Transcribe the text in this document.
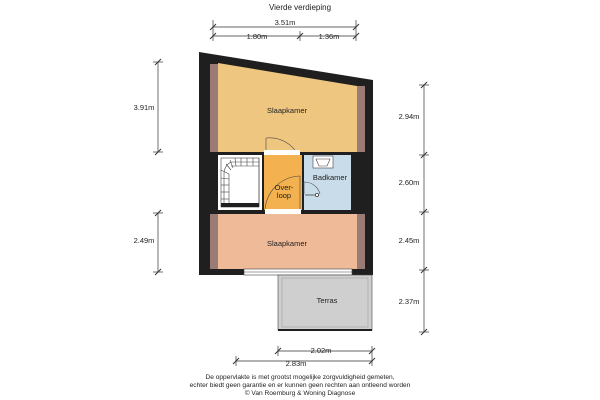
Vierde verdieping
Slaapkamer
Over-
loop
Badkamer
Slaapkamer
Terras
3.51m
1.80m	1.36m
3.91m
2.49m
2.94m
2.60m
2.45m
2.37m
2.02m
2.83m
De oppervlakte is met grootst mogelijke zorgvuldigheid gemeten,
echter biedt geen garantie en er kunnen geen rechten aan ontleend worden
© Van Roemburg & Woning Diagnose
